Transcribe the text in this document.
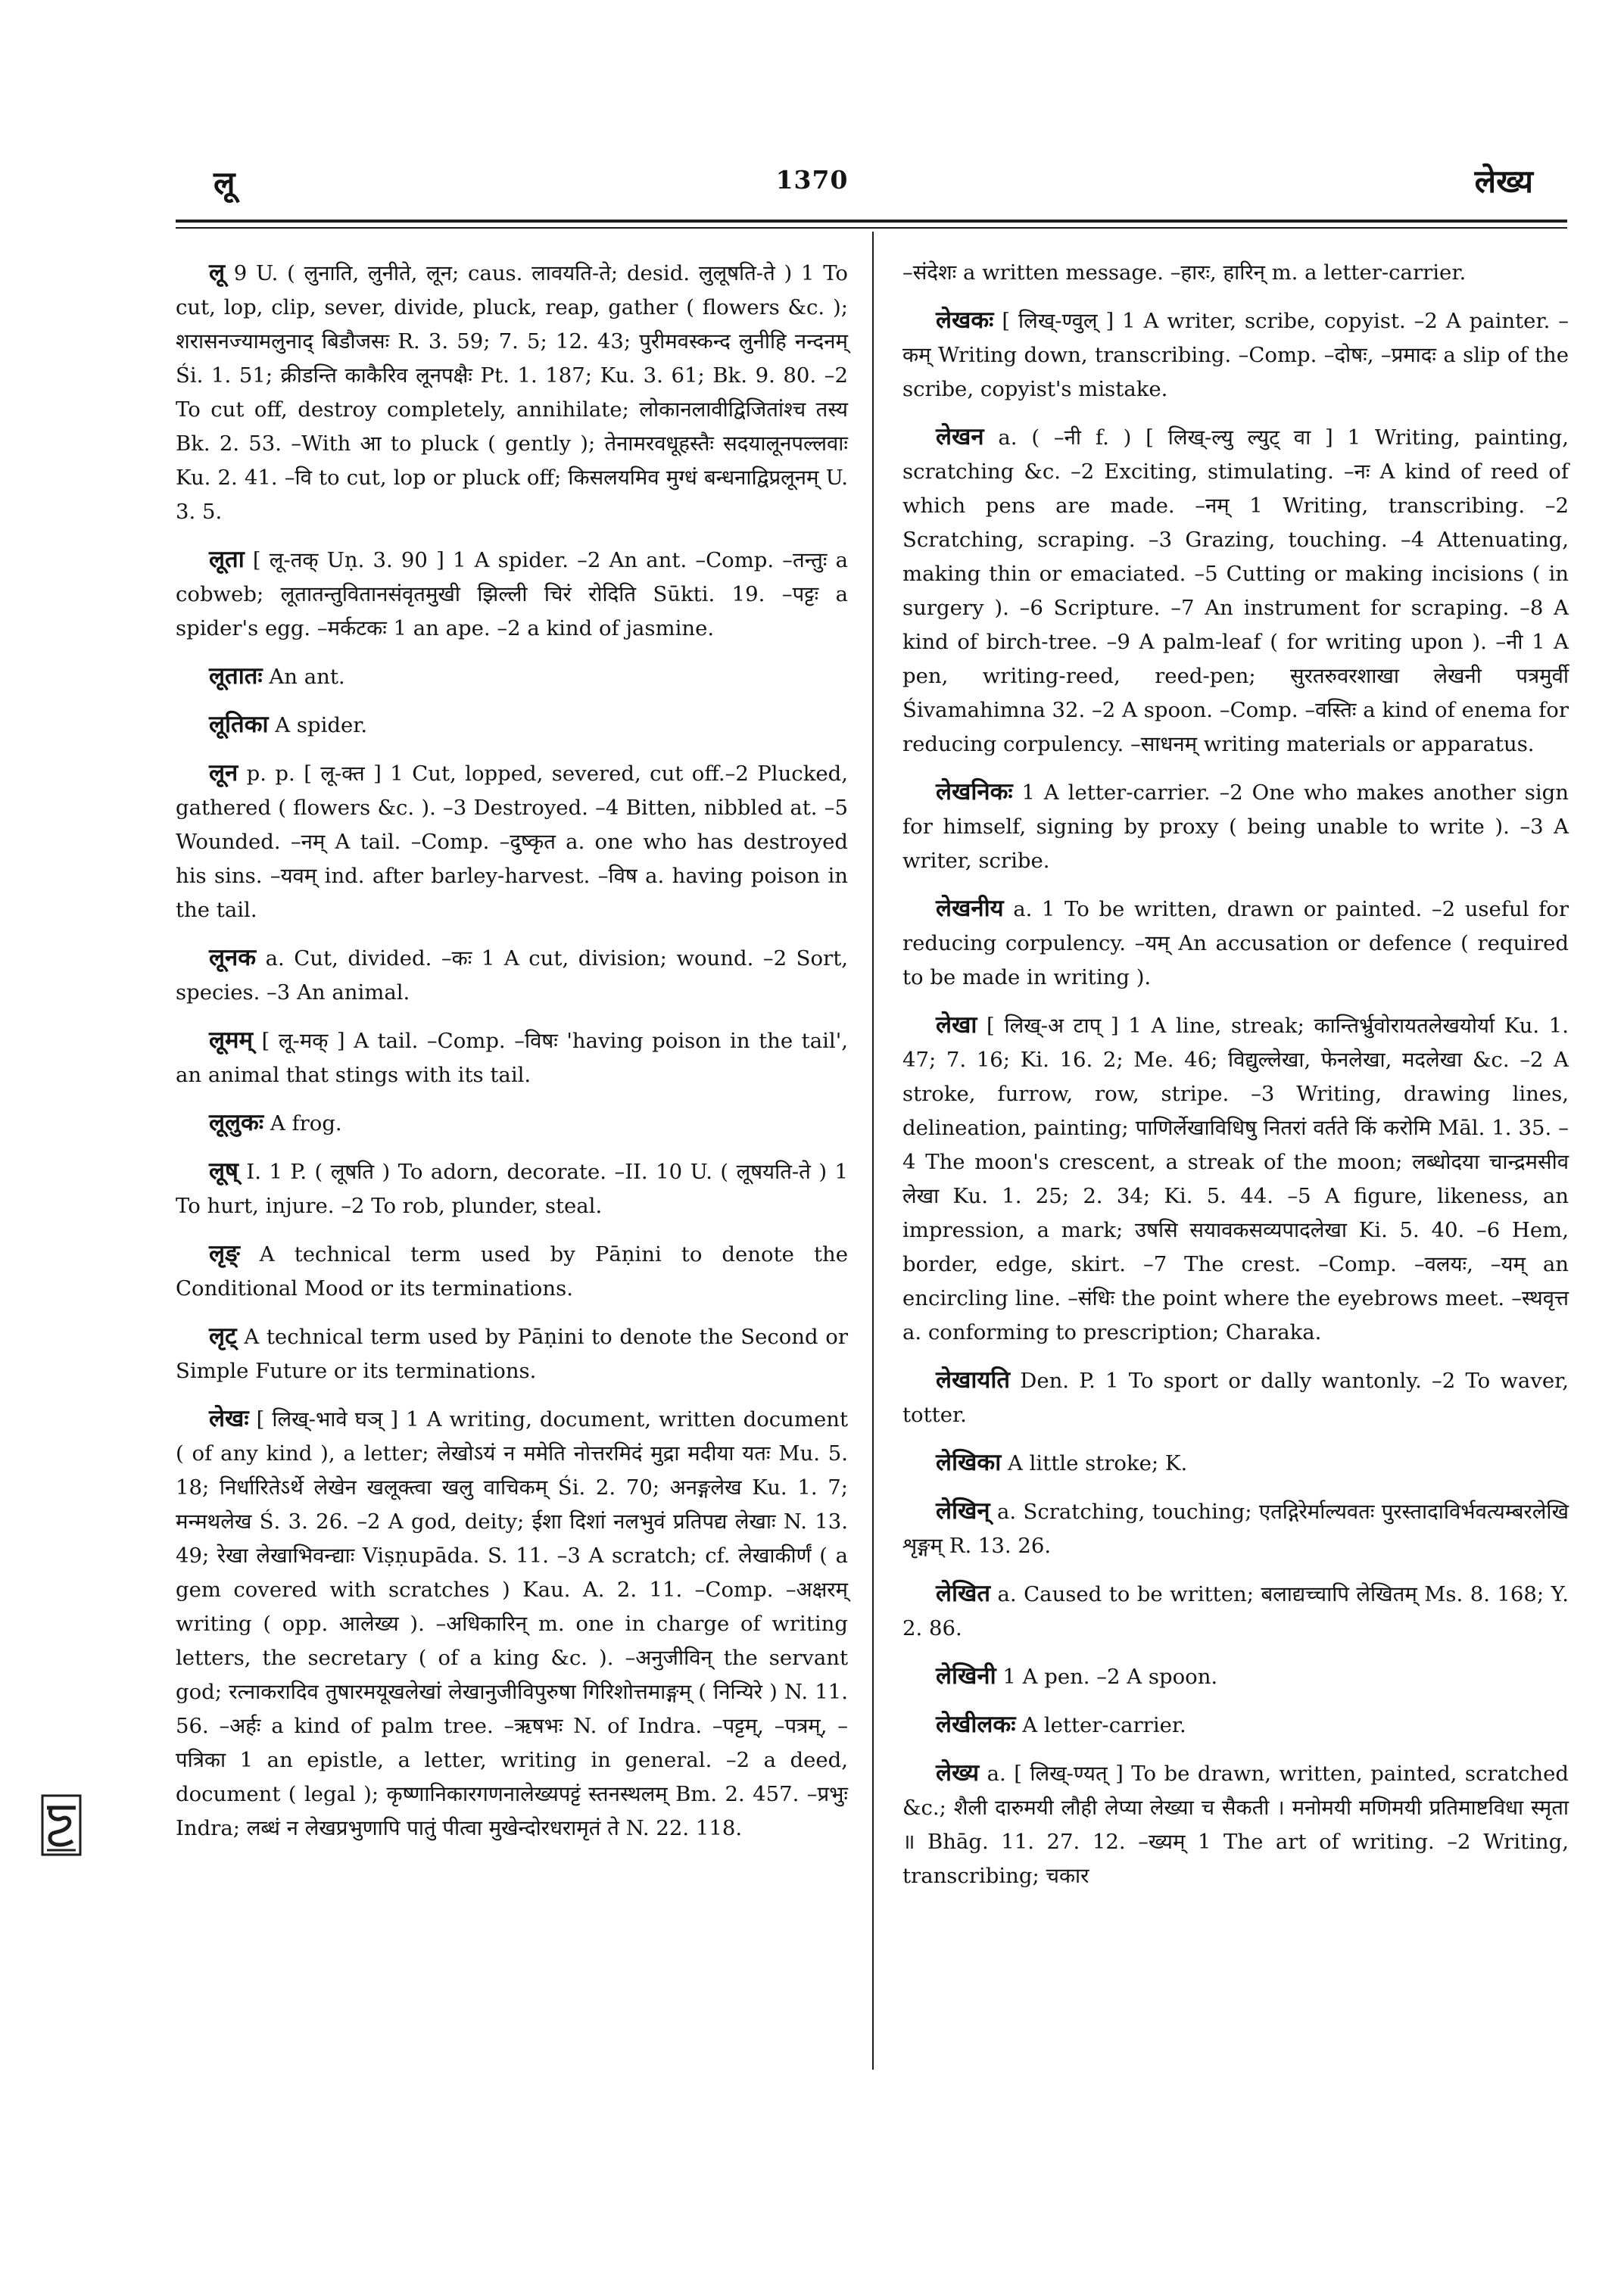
लू	1370	लेख्य

लू 9 U. ( लुनाति, लुनीते, लून; caus. लावयति-ते; desid. लुलूषति-ते ) 1 To cut, lop, clip, sever, divide, pluck, reap, gather ( flowers &c. ); शरासनज्यामलुनाद् बिडौजसः R. 3. 59; 7. 5; 12. 43; पुरीमवस्कन्द लुनीहि नन्दनम् Śi. 1. 51; क्रीडन्ति काकैरिव लूनपक्षैः Pt. 1. 187; Ku. 3. 61; Bk. 9. 80. –2 To cut off, destroy completely, annihilate; लोकानलावीद्विजितांश्च तस्य Bk. 2. 53. –With आ to pluck ( gently ); तेनामरवधूहस्तैः सदयालूनपल्लवाः Ku. 2. 41. –वि to cut, lop or pluck off; किसलयमिव मुग्धं बन्धनाद्विप्रलूनम् U. 3. 5.

लूता [ लू-तक् Uṇ. 3. 90 ] 1 A spider. –2 An ant. –Comp. –तन्तुः a cobweb; लूतातन्तुवितानसंवृतमुखी झिल्ली चिरं रोदिति Sūkti. 19. –पट्टः a spider's egg. –मर्कटकः 1 an ape. –2 a kind of jasmine.

लूतातः An ant.

लूतिका A spider.

लून p. p. [ लू-क्त ] 1 Cut, lopped, severed, cut off.–2 Plucked, gathered ( flowers &c. ). –3 Destroyed. –4 Bitten, nibbled at. –5 Wounded. –नम् A tail. –Comp. –दुष्कृत a. one who has destroyed his sins. –यवम् ind. after barley-harvest. –विष a. having poison in the tail.

लूनक a. Cut, divided. –कः 1 A cut, division; wound. –2 Sort, species. –3 An animal.

लूमम् [ लू-मक् ] A tail. –Comp. –विषः 'having poison in the tail', an animal that stings with its tail.

लूलुकः A frog.

लूष् I. 1 P. ( लूषति ) To adorn, decorate. –II. 10 U. ( लूषयति-ते ) 1 To hurt, injure. –2 To rob, plunder, steal.

लृङ् A technical term used by Pāṇini to denote the Conditional Mood or its terminations.

लृट् A technical term used by Pāṇini to denote the Second or Simple Future or its terminations.

लेखः [ लिख्-भावे घञ् ] 1 A writing, document, written document ( of any kind ), a letter; लेखोऽयं न ममेति नोत्तरमिदं मुद्रा मदीया यतः Mu. 5. 18; निर्धारितेऽर्थे लेखेन खलूक्त्वा खलु वाचिकम् Śi. 2. 70; अनङ्गलेख Ku. 1. 7; मन्मथलेख Ś. 3. 26. –2 A god, deity; ईशा दिशां नलभुवं प्रतिपद्य लेखाः N. 13. 49; रेखा लेखाभिवन्द्याः Viṣṇupāda. S. 11. –3 A scratch; cf. लेखाकीर्णं ( a gem covered with scratches ) Kau. A. 2. 11. –Comp. –अक्षरम् writing ( opp. आलेख्य ). –अधिकारिन् m. one in charge of writing letters, the secretary ( of a king &c. ). –अनुजीविन् the servant god; रत्नाकरादिव तुषारमयूखलेखां लेखानुजीविपुरुषा गिरिशोत्तमाङ्गम् ( निन्यिरे ) N. 11. 56. –अर्हः a kind of palm tree. –ऋषभः N. of Indra. –पट्टम्, –पत्रम्, –पत्रिका 1 an epistle, a letter, writing in general. –2 a deed, document ( legal ); कृष्णानिकारगणनालेख्यपट्टं स्तनस्थलम् Bm. 2. 457. –प्रभुः Indra; लब्धं न लेखप्रभुणापि पातुं पीत्वा मुखेन्दोरधरामृतं ते N. 22. 118.

–संदेशः a written message. –हारः, हारिन् m. a letter-carrier.

लेखकः [ लिख्-ण्वुल् ] 1 A writer, scribe, copyist. –2 A painter. –कम् Writing down, transcribing. –Comp. –दोषः, –प्रमादः a slip of the scribe, copyist's mistake.

लेखन a. ( –नी f. ) [ लिख्-ल्यु ल्युट् वा ] 1 Writing, painting, scratching &c. –2 Exciting, stimulating. –नः A kind of reed of which pens are made. –नम् 1 Writing, transcribing. –2 Scratching, scraping. –3 Grazing, touching. –4 Attenuating, making thin or emaciated. –5 Cutting or making incisions ( in surgery ). –6 Scripture. –7 An instrument for scraping. –8 A kind of birch-tree. –9 A palm-leaf ( for writing upon ). –नी 1 A pen, writing-reed, reed-pen; सुरतरुवरशाखा लेखनी पत्रमुर्वी Śivamahimna 32. –2 A spoon. –Comp. –वस्तिः a kind of enema for reducing corpulency. –साधनम् writing materials or apparatus.

लेखनिकः 1 A letter-carrier. –2 One who makes another sign for himself, signing by proxy ( being unable to write ). –3 A writer, scribe.

लेखनीय a. 1 To be written, drawn or painted. –2 useful for reducing corpulency. –यम् An accusation or defence ( required to be made in writing ).

लेखा [ लिख्-अ टाप् ] 1 A line, streak; कान्तिर्भ्रुवोरायतलेखयोर्या Ku. 1. 47; 7. 16; Ki. 16. 2; Me. 46; विद्युल्लेखा, फेनलेखा, मदलेखा &c. –2 A stroke, furrow, row, stripe. –3 Writing, drawing lines, delineation, painting; पाणिर्लेखाविधिषु नितरां वर्तते किं करोमि Māl. 1. 35. –4 The moon's crescent, a streak of the moon; लब्धोदया चान्द्रमसीव लेखा Ku. 1. 25; 2. 34; Ki. 5. 44. –5 A figure, likeness, an impression, a mark; उषसि सयावकसव्यपादलेखा Ki. 5. 40. –6 Hem, border, edge, skirt. –7 The crest. –Comp. –वलयः, –यम् an encircling line. –संधिः the point where the eyebrows meet. –स्थवृत्त a. conforming to prescription; Charaka.

लेखायति Den. P. 1 To sport or dally wantonly. –2 To waver, totter.

लेखिका A little stroke; K.

लेखिन् a. Scratching, touching; एतद्गिरेर्माल्यवतः पुरस्तादाविर्भवत्यम्बरलेखि शृङ्गम् R. 13. 26.

लेखित a. Caused to be written; बलाद्यच्चापि लेखितम् Ms. 8. 168; Y. 2. 86.

लेखिनी 1 A pen. –2 A spoon.

लेखीलकः A letter-carrier.

लेख्य a. [ लिख्-ण्यत् ] To be drawn, written, painted, scratched &c.; शैली दारुमयी लौही लेप्या लेख्या च सैकती । मनोमयी मणिमयी प्रतिमाष्टविधा स्मृता ॥ Bhāg. 11. 27. 12. –ख्यम् 1 The art of writing. –2 Writing, transcribing; चकार
